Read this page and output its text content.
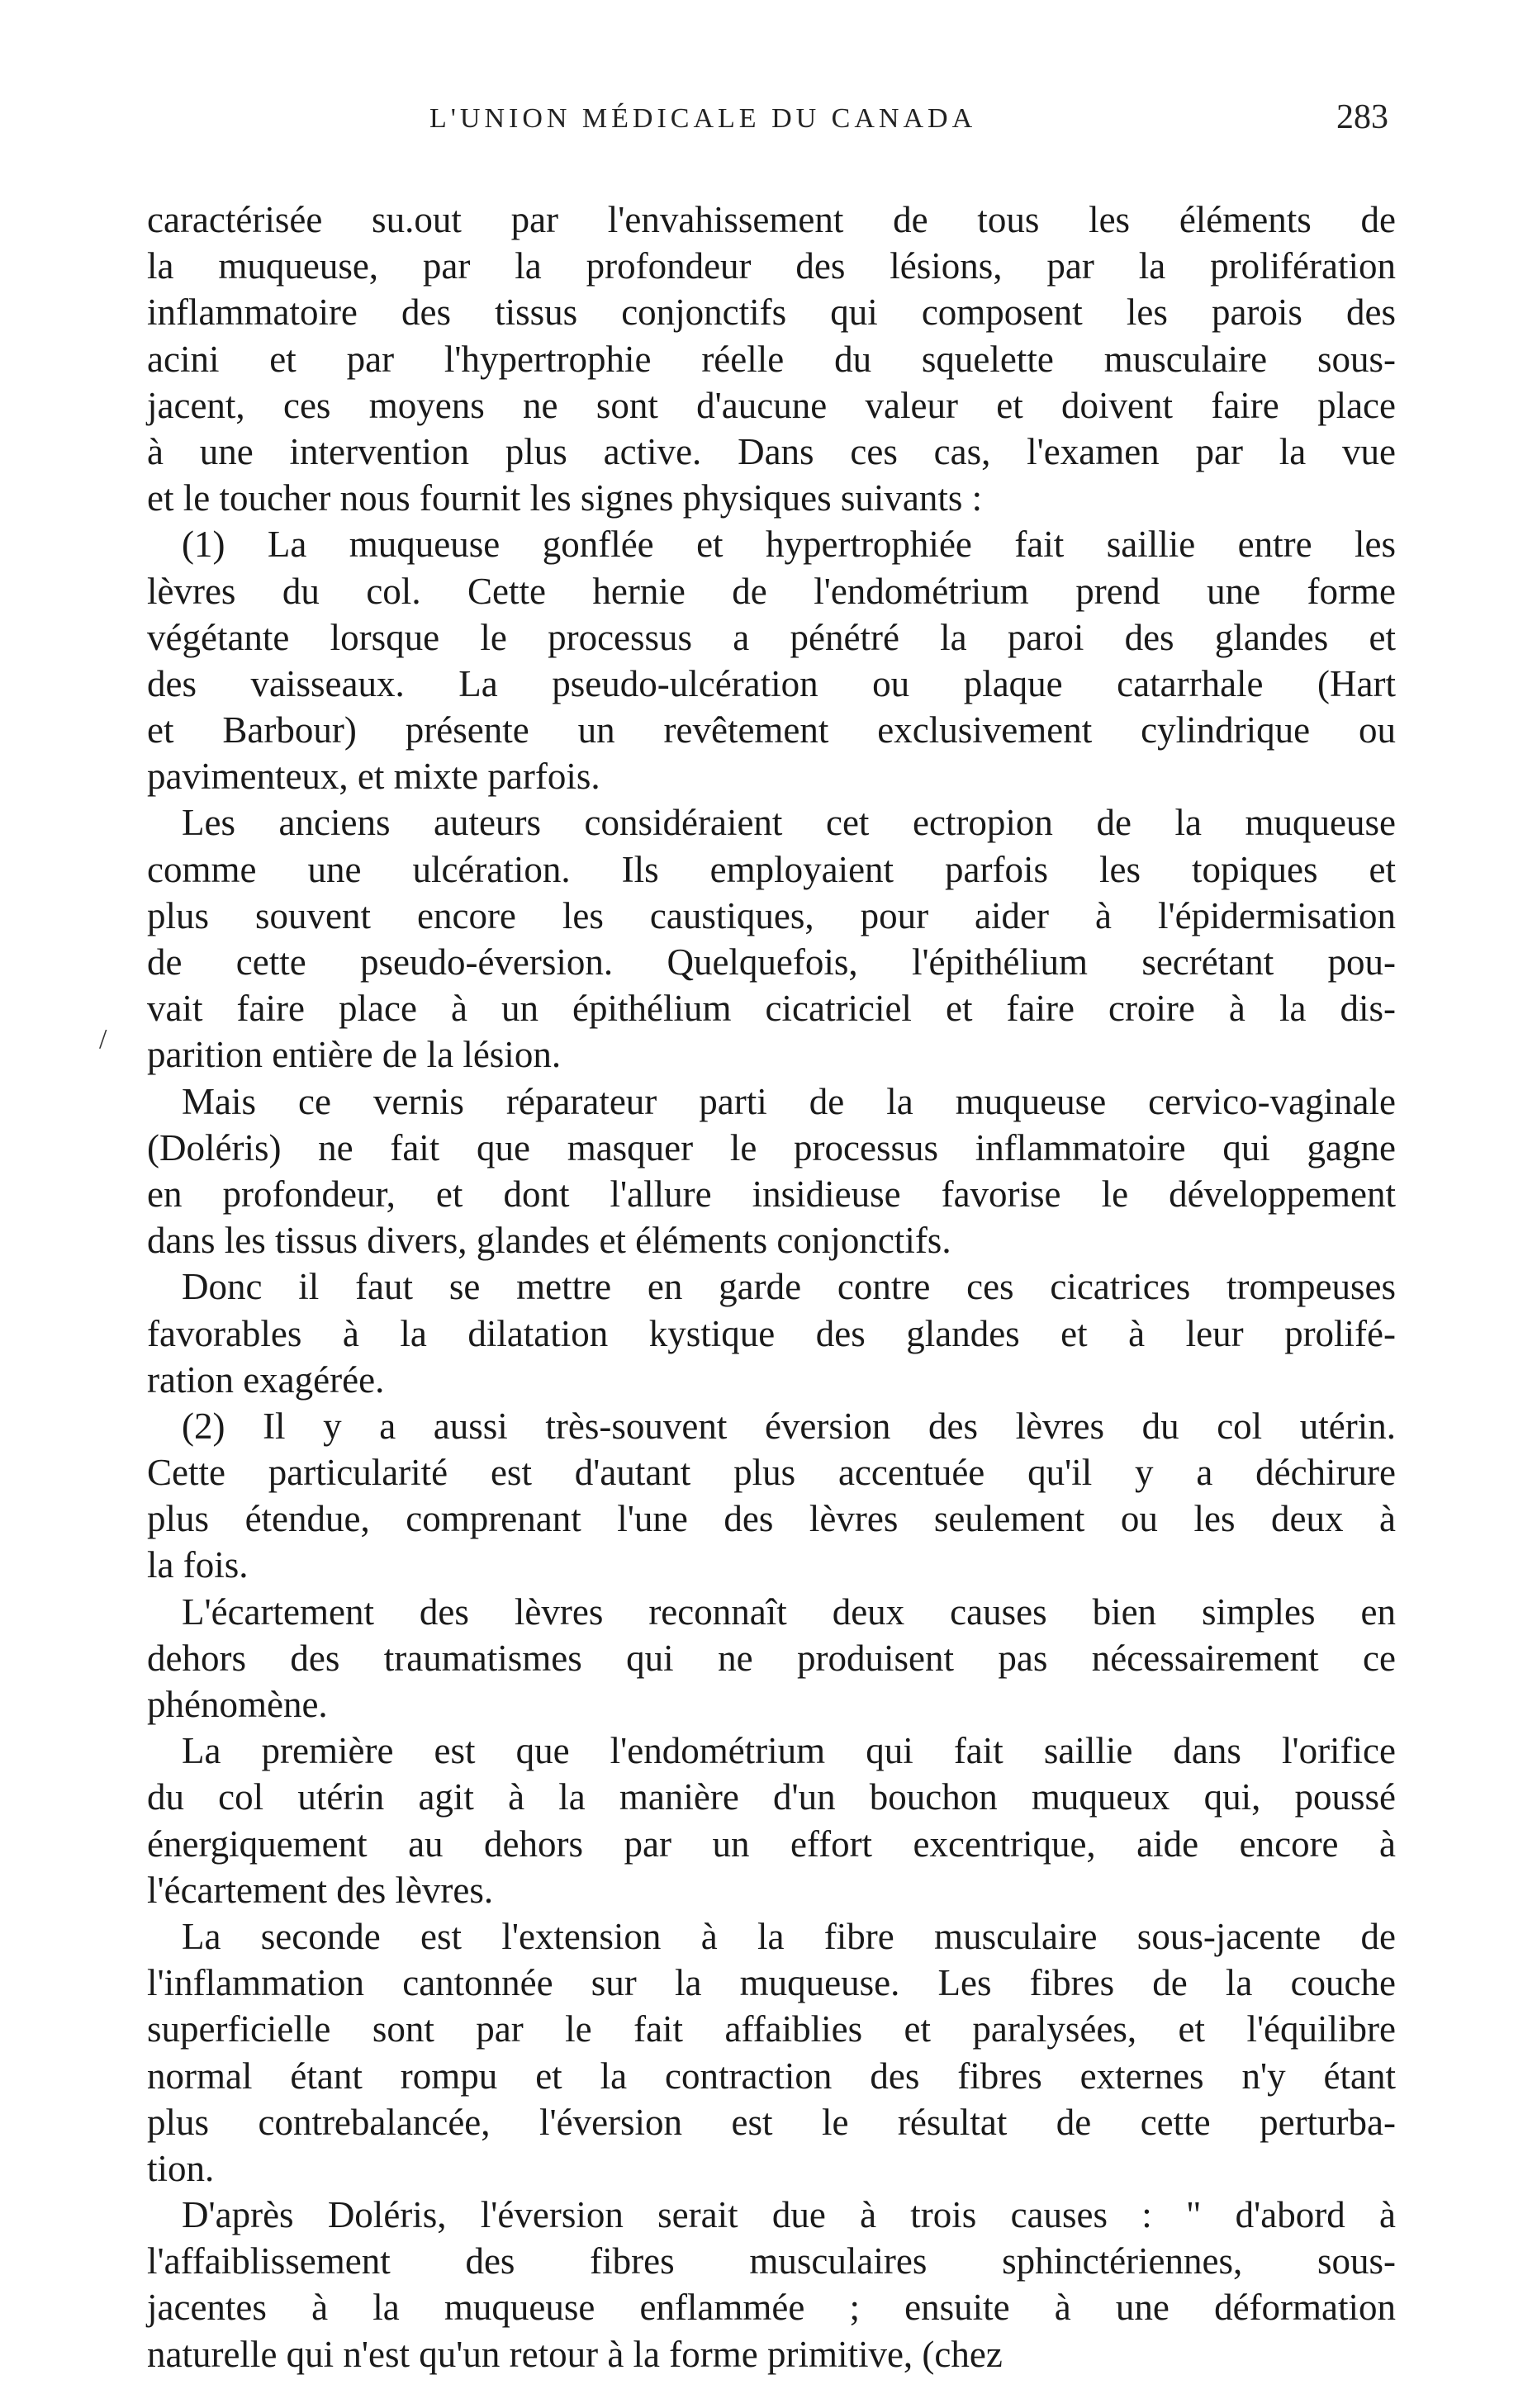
L'UNION MÉDICALE DU CANADA	283
/
caractérisée su.out par l'envahissement de tous les éléments de
la muqueuse, par la profondeur des lésions, par la prolifération
inflammatoire des tissus conjonctifs qui composent les parois des
acini et par l'hypertrophie réelle du squelette musculaire sous-
jacent, ces moyens ne sont d'aucune valeur et doivent faire place
à une intervention plus active. Dans ces cas, l'examen par la vue
et le toucher nous fournit les signes physiques suivants :
(1) La muqueuse gonflée et hypertrophiée fait saillie entre les
lèvres du col. Cette hernie de l'endométrium prend une forme
végétante lorsque le processus a pénétré la paroi des glandes et
des vaisseaux. La pseudo-ulcération ou plaque catarrhale (Hart
et Barbour) présente un revêtement exclusivement cylindrique ou
pavimenteux, et mixte parfois.
Les anciens auteurs considéraient cet ectropion de la muqueuse
comme une ulcération. Ils employaient parfois les topiques et
plus souvent encore les caustiques, pour aider à l'épidermisation
de cette pseudo-éversion. Quelquefois, l'épithélium secrétant pou-
vait faire place à un épithélium cicatriciel et faire croire à la dis-
parition entière de la lésion.
Mais ce vernis réparateur parti de la muqueuse cervico-vaginale
(Doléris) ne fait que masquer le processus inflammatoire qui gagne
en profondeur, et dont l'allure insidieuse favorise le développement
dans les tissus divers, glandes et éléments conjonctifs.
Donc il faut se mettre en garde contre ces cicatrices trompeuses
favorables à la dilatation kystique des glandes et à leur prolifé-
ration exagérée.
(2) Il y a aussi très-souvent éversion des lèvres du col utérin.
Cette particularité est d'autant plus accentuée qu'il y a déchirure
plus étendue, comprenant l'une des lèvres seulement ou les deux à
la fois.
L'écartement des lèvres reconnaît deux causes bien simples en
dehors des traumatismes qui ne produisent pas nécessairement ce
phénomène.
La première est que l'endométrium qui fait saillie dans l'orifice
du col utérin agit à la manière d'un bouchon muqueux qui, poussé
énergiquement au dehors par un effort excentrique, aide encore à
l'écartement des lèvres.
La seconde est l'extension à la fibre musculaire sous-jacente de
l'inflammation cantonnée sur la muqueuse. Les fibres de la couche
superficielle sont par le fait affaiblies et paralysées, et l'équilibre
normal étant rompu et la contraction des fibres externes n'y étant
plus contrebalancée, l'éversion est le résultat de cette perturba-
tion.
D'après Doléris, l'éversion serait due à trois causes : " d'abord à
l'affaiblissement des fibres musculaires sphinctériennes, sous-
jacentes à la muqueuse enflammée ; ensuite à une déformation
naturelle qui n'est qu'un retour à la forme primitive, (chez
